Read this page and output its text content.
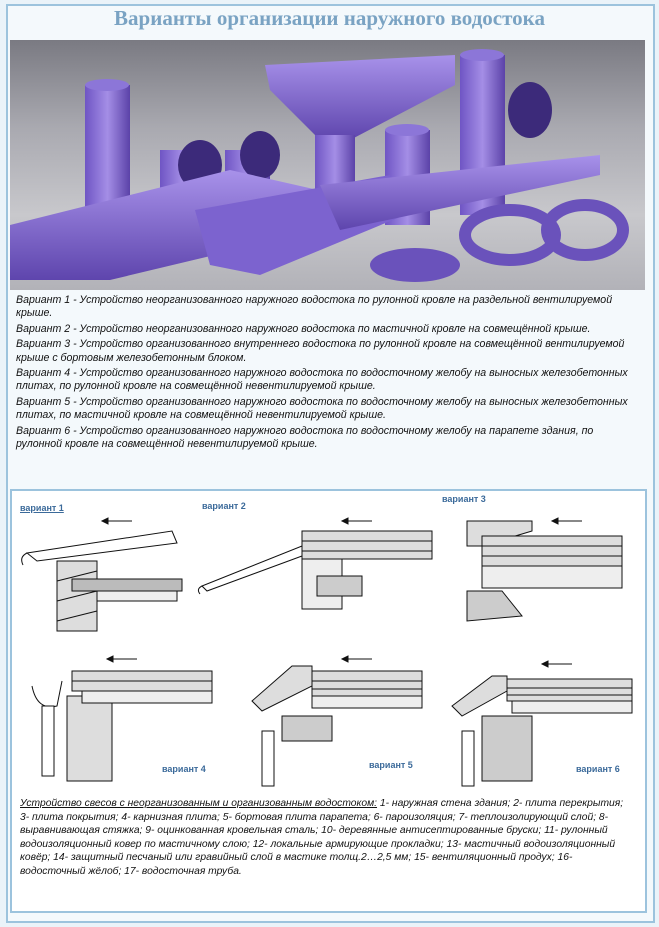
Варианты организации наружного водостока

Вариант 1 - Устройство неорганизованного наружного водостока по рулонной кровле на раздельной вентилируемой крыше.

Вариант 2 - Устройство неорганизованного наружного водостока по мастичной кровле на совмещённой крыше.

Вариант 3 - Устройство организованного внутреннего водостока по рулонной кровле на совмещённой вентилируемой крыше с бортовым железобетонным блоком.

Вариант 4 - Устройство организованного наружного водостока по водосточному желобу на выносных железобетонных плитах, по рулонной кровле на совмещённой невентилируемой крыше.

Вариант 5 - Устройство организованного наружного водостока по водосточному желобу на выносных железобетонных плитах, по мастичной кровле на совмещённой невентилируемой крыше.

Вариант 6 - Устройство организованного наружного водостока по водосточному желобу на парапете здания, по рулонной кровле на совмещённой невентилируемой крыше.

вариант 1	вариант 2
вариант 3
вариант 4	вариант 5	вариант 6
Устройство свесов с неорганизованным и организованным водостоком: 1- наружная стена здания; 2- плита перекрытия; 3- плита покрытия; 4- карнизная плита; 5- бортовая плита парапета; 6- пароизоляция; 7- теплоизолирующий слой; 8- выравнивающая стяжка; 9- оцинкованная кровельная сталь; 10- деревянные антисептированные бруски; 11- рулонный водоизоляционный ковер по мастичному слою; 12- локальные армирующие прокладки; 13- мастичный водоизоляционный ковёр; 14- защитный песчаный или гравийный слой в мастике толщ.2…2,5 мм; 15- вентиляционный продух; 16- водосточный жёлоб; 17- водосточная труба.
